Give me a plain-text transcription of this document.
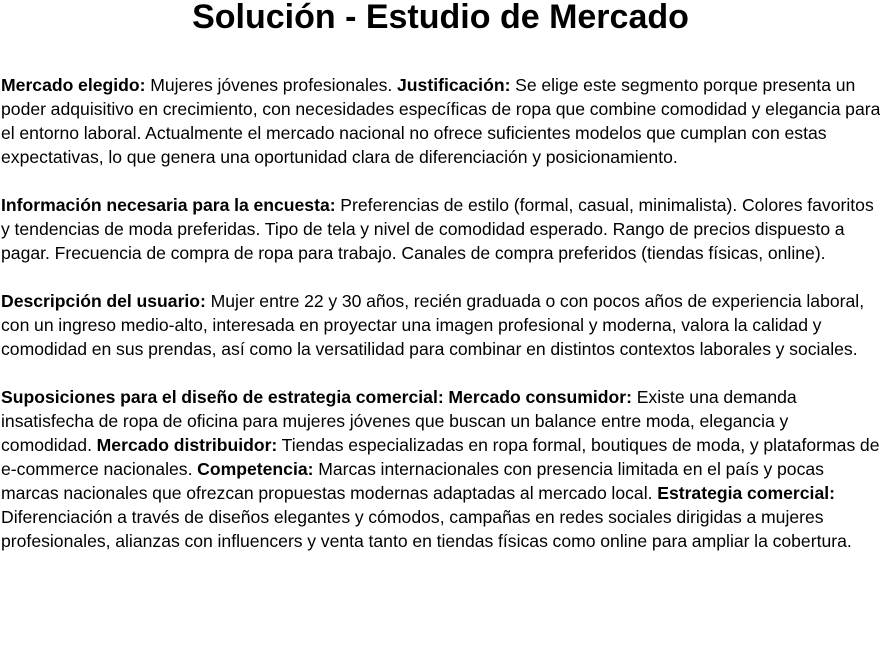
Solución - Estudio de Mercado

Mercado elegido: Mujeres jóvenes profesionales. Justificación: Se elige este segmento porque presenta un poder adquisitivo en crecimiento, con necesidades específicas de ropa que combine comodidad y elegancia para el entorno laboral. Actualmente el mercado nacional no ofrece suficientes modelos que cumplan con estas expectativas, lo que genera una oportunidad clara de diferenciación y posicionamiento.

Información necesaria para la encuesta: Preferencias de estilo (formal, casual, minimalista). Colores favoritos y tendencias de moda preferidas. Tipo de tela y nivel de comodidad esperado. Rango de precios dispuesto a pagar. Frecuencia de compra de ropa para trabajo. Canales de compra preferidos (tiendas físicas, online).

Descripción del usuario: Mujer entre 22 y 30 años, recién graduada o con pocos años de experiencia laboral, con un ingreso medio-alto, interesada en proyectar una imagen profesional y moderna, valora la calidad y comodidad en sus prendas, así como la versatilidad para combinar en distintos contextos laborales y sociales.

Suposiciones para el diseño de estrategia comercial: Mercado consumidor: Existe una demanda insatisfecha de ropa de oficina para mujeres jóvenes que buscan un balance entre moda, elegancia y comodidad. Mercado distribuidor: Tiendas especializadas en ropa formal, boutiques de moda, y plataformas de e-commerce nacionales. Competencia: Marcas internacionales con presencia limitada en el país y pocas marcas nacionales que ofrezcan propuestas modernas adaptadas al mercado local. Estrategia comercial: Diferenciación a través de diseños elegantes y cómodos, campañas en redes sociales dirigidas a mujeres profesionales, alianzas con influencers y venta tanto en tiendas físicas como online para ampliar la cobertura.
